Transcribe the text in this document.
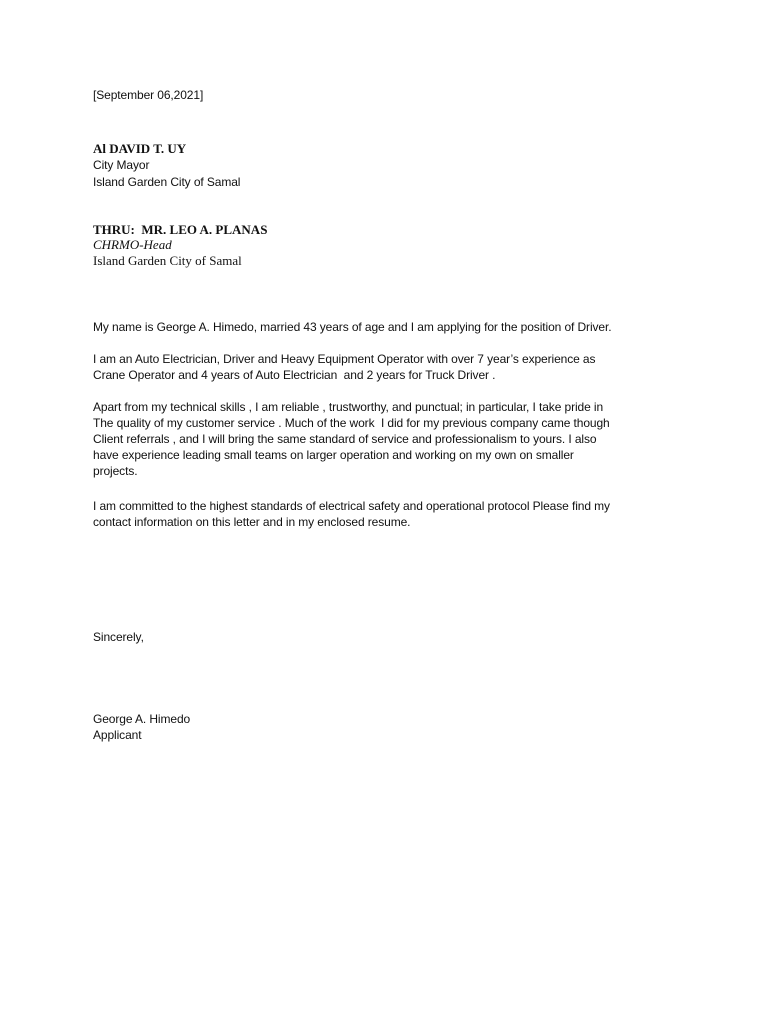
[September 06,2021]

Al DAVID T. UY

City Mayor

Island Garden City of Samal

THRU:  MR. LEO A. PLANAS

CHRMO-Head

Island Garden City of Samal

My name is George A. Himedo, married 43 years of age and I am applying for the position of Driver.
I am an Auto Electrician, Driver and Heavy Equipment Operator with over 7 year’s experience as
Crane Operator and 4 years of Auto Electrician  and 2 years for Truck Driver .
Apart from my technical skills , I am reliable , trustworthy, and punctual; in particular, I take pride in
The quality of my customer service . Much of the work  I did for my previous company came though
Client referrals , and I will bring the same standard of service and professionalism to yours. I also
have experience leading small teams on larger operation and working on my own on smaller
projects.
I am committed to the highest standards of electrical safety and operational protocol Please find my
contact information on this letter and in my enclosed resume.

Sincerely,

George A. Himedo

Applicant
